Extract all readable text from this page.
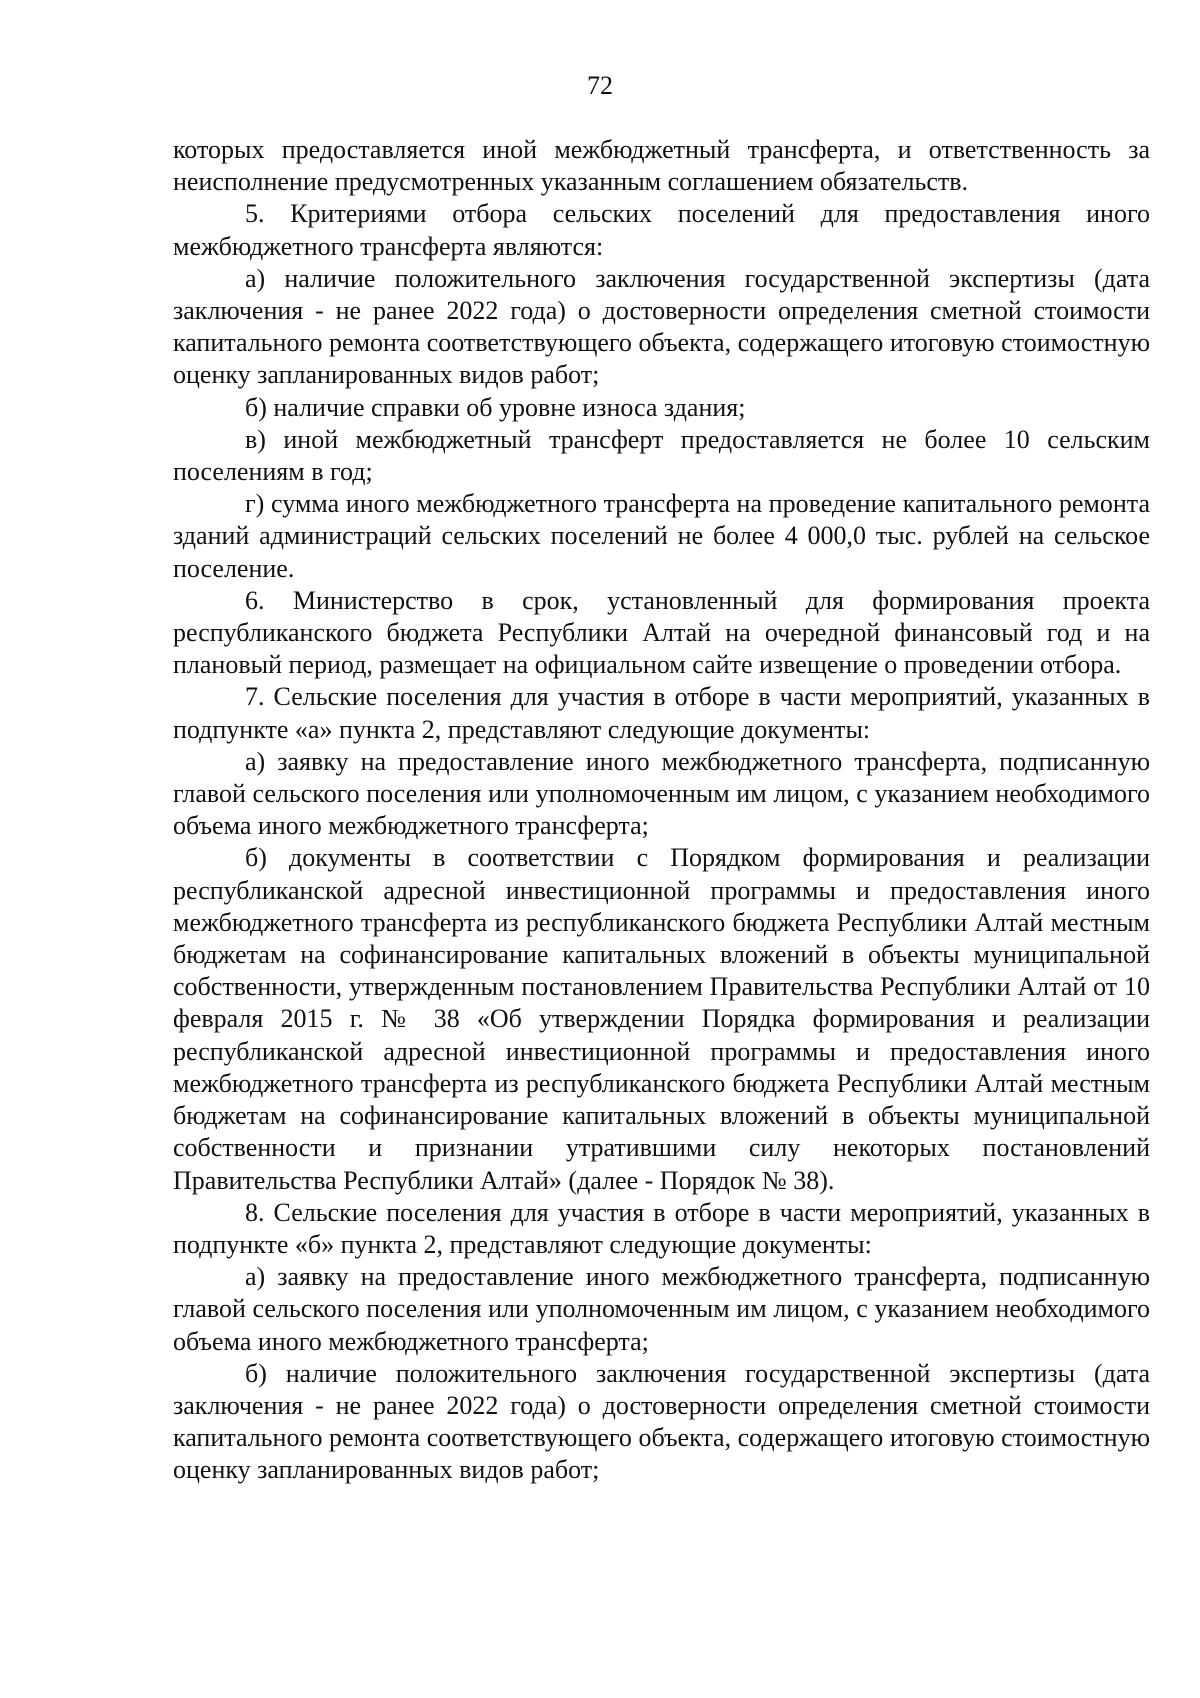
72

которых предоставляется иной межбюджетный трансферта, и ответственность за неисполнение предусмотренных указанным соглашением обязательств.

5. Критериями отбора сельских поселений для предоставления иного межбюджетного трансферта являются:

а) наличие положительного заключения государственной экспертизы (дата заключения - не ранее 2022 года) о достоверности определения сметной стоимости капитального ремонта соответствующего объекта, содержащего итоговую стоимостную оценку запланированных видов работ;

б) наличие справки об уровне износа здания;

в) иной межбюджетный трансферт предоставляется не более 10 сельским поселениям в год;

г) сумма иного межбюджетного трансферта на проведение капитального ремонта зданий администраций сельских поселений не более 4 000,0 тыс. рублей на сельское поселение.

6. Министерство в срок, установленный для формирования проекта республиканского бюджета Республики Алтай на очередной финансовый год и на плановый период, размещает на официальном сайте извещение о проведении отбора.

7. Сельские поселения для участия в отборе в части мероприятий, указанных в подпункте «а» пункта 2, представляют следующие документы:

а) заявку на предоставление иного межбюджетного трансферта, подписанную главой сельского поселения или уполномоченным им лицом, с указанием необходимого объема иного межбюджетного трансферта;

б) документы в соответствии с Порядком формирования и реализации республиканской адресной инвестиционной программы и предоставления иного межбюджетного трансферта из республиканского бюджета Республики Алтай местным бюджетам на софинансирование капитальных вложений в объекты муниципальной собственности, утвержденным постановлением Правительства Республики Алтай от 10 февраля 2015 г. № 38 «Об утверждении Порядка формирования и реализации республиканской адресной инвестиционной программы и предоставления иного межбюджетного трансферта из республиканского бюджета Республики Алтай местным бюджетам на софинансирование капитальных вложений в объекты муниципальной собственности и признании утратившими силу некоторых постановлений Правительства Республики Алтай» (далее - Порядок № 38).

8. Сельские поселения для участия в отборе в части мероприятий, указанных в подпункте «б» пункта 2, представляют следующие документы:

а) заявку на предоставление иного межбюджетного трансферта, подписанную главой сельского поселения или уполномоченным им лицом, с указанием необходимого объема иного межбюджетного трансферта;

б) наличие положительного заключения государственной экспертизы (дата заключения - не ранее 2022 года) о достоверности определения сметной стоимости капитального ремонта соответствующего объекта, содержащего итоговую стоимостную оценку запланированных видов работ;
